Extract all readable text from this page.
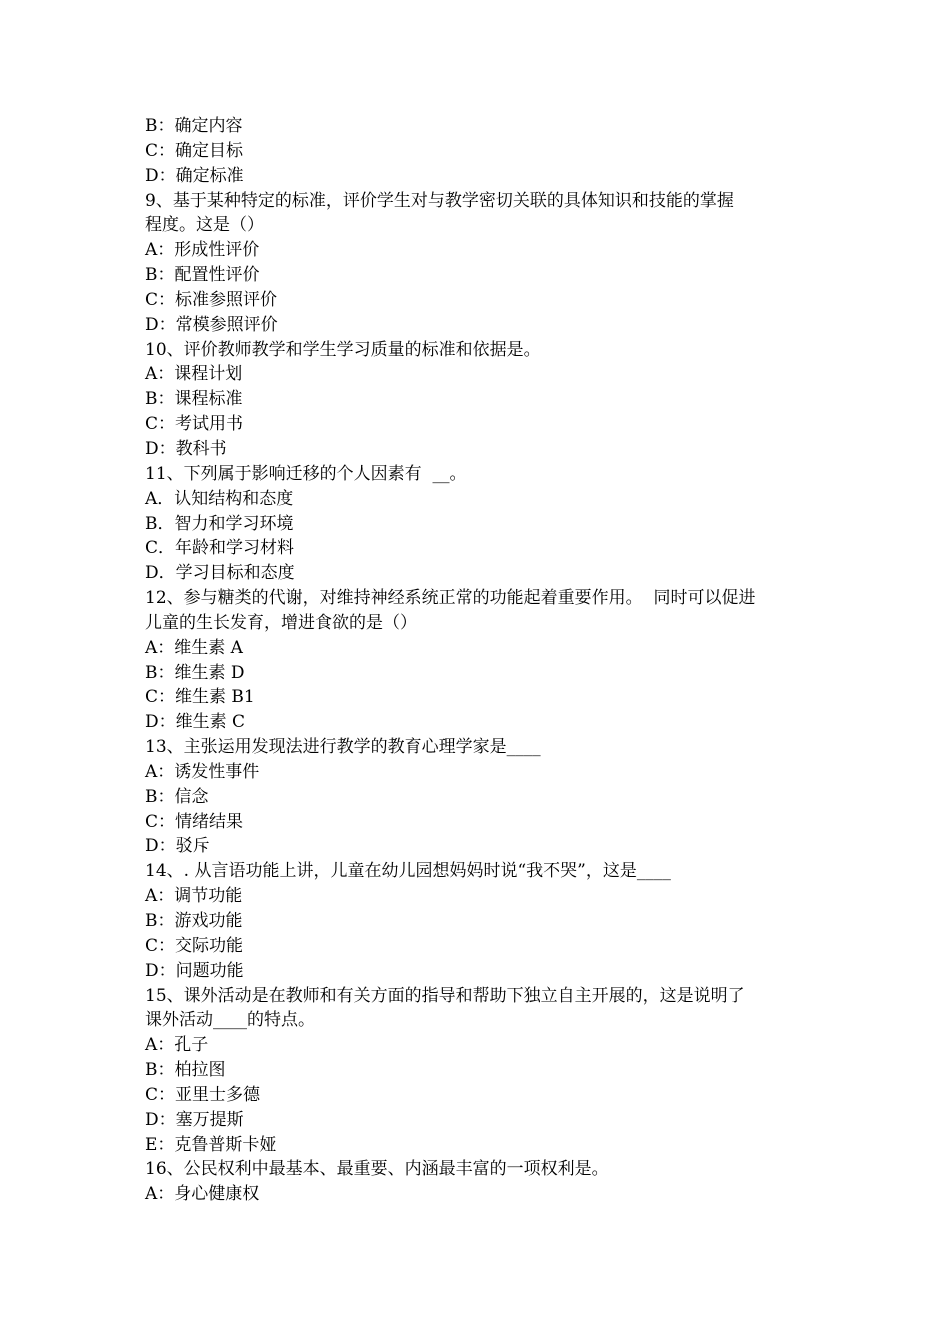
B：确定内容
C：确定目标
D：确定标准
9、基于某种特定的标准，评价学生对与教学密切关联的具体知识和技能的掌握
程度。这是（）
A：形成性评价
B：配置性评价
C：标准参照评价
D：常模参照评价
10、评价教师教学和学生学习质量的标准和依据是。
A：课程计划
B：课程标准
C：考试用书
D：教科书
11、下列属于影响迁移的个人因素有  __。
A．认知结构和态度
B．智力和学习环境
C．年龄和学习材料
D．学习目标和态度
12、参与糖类的代谢，对维持神经系统正常的功能起着重要作用。  同时可以促进
儿童的生长发育，增进食欲的是（）
A：维生素 A
B：维生素 D
C：维生素 B1
D：维生素 C
13、主张运用发现法进行教学的教育心理学家是____
A：诱发性事件
B：信念
C：情绪结果
D：驳斥
14、. 从言语功能上讲，儿童在幼儿园想妈妈时说“我不哭”，这是____
A：调节功能
B：游戏功能
C：交际功能
D：问题功能
15、课外活动是在教师和有关方面的指导和帮助下独立自主开展的，这是说明了
课外活动____的特点。
A：孔子
B：柏拉图
C：亚里士多德
D：塞万提斯
E：克鲁普斯卡娅
16、公民权利中最基本、最重要、内涵最丰富的一项权利是。
A：身心健康权
